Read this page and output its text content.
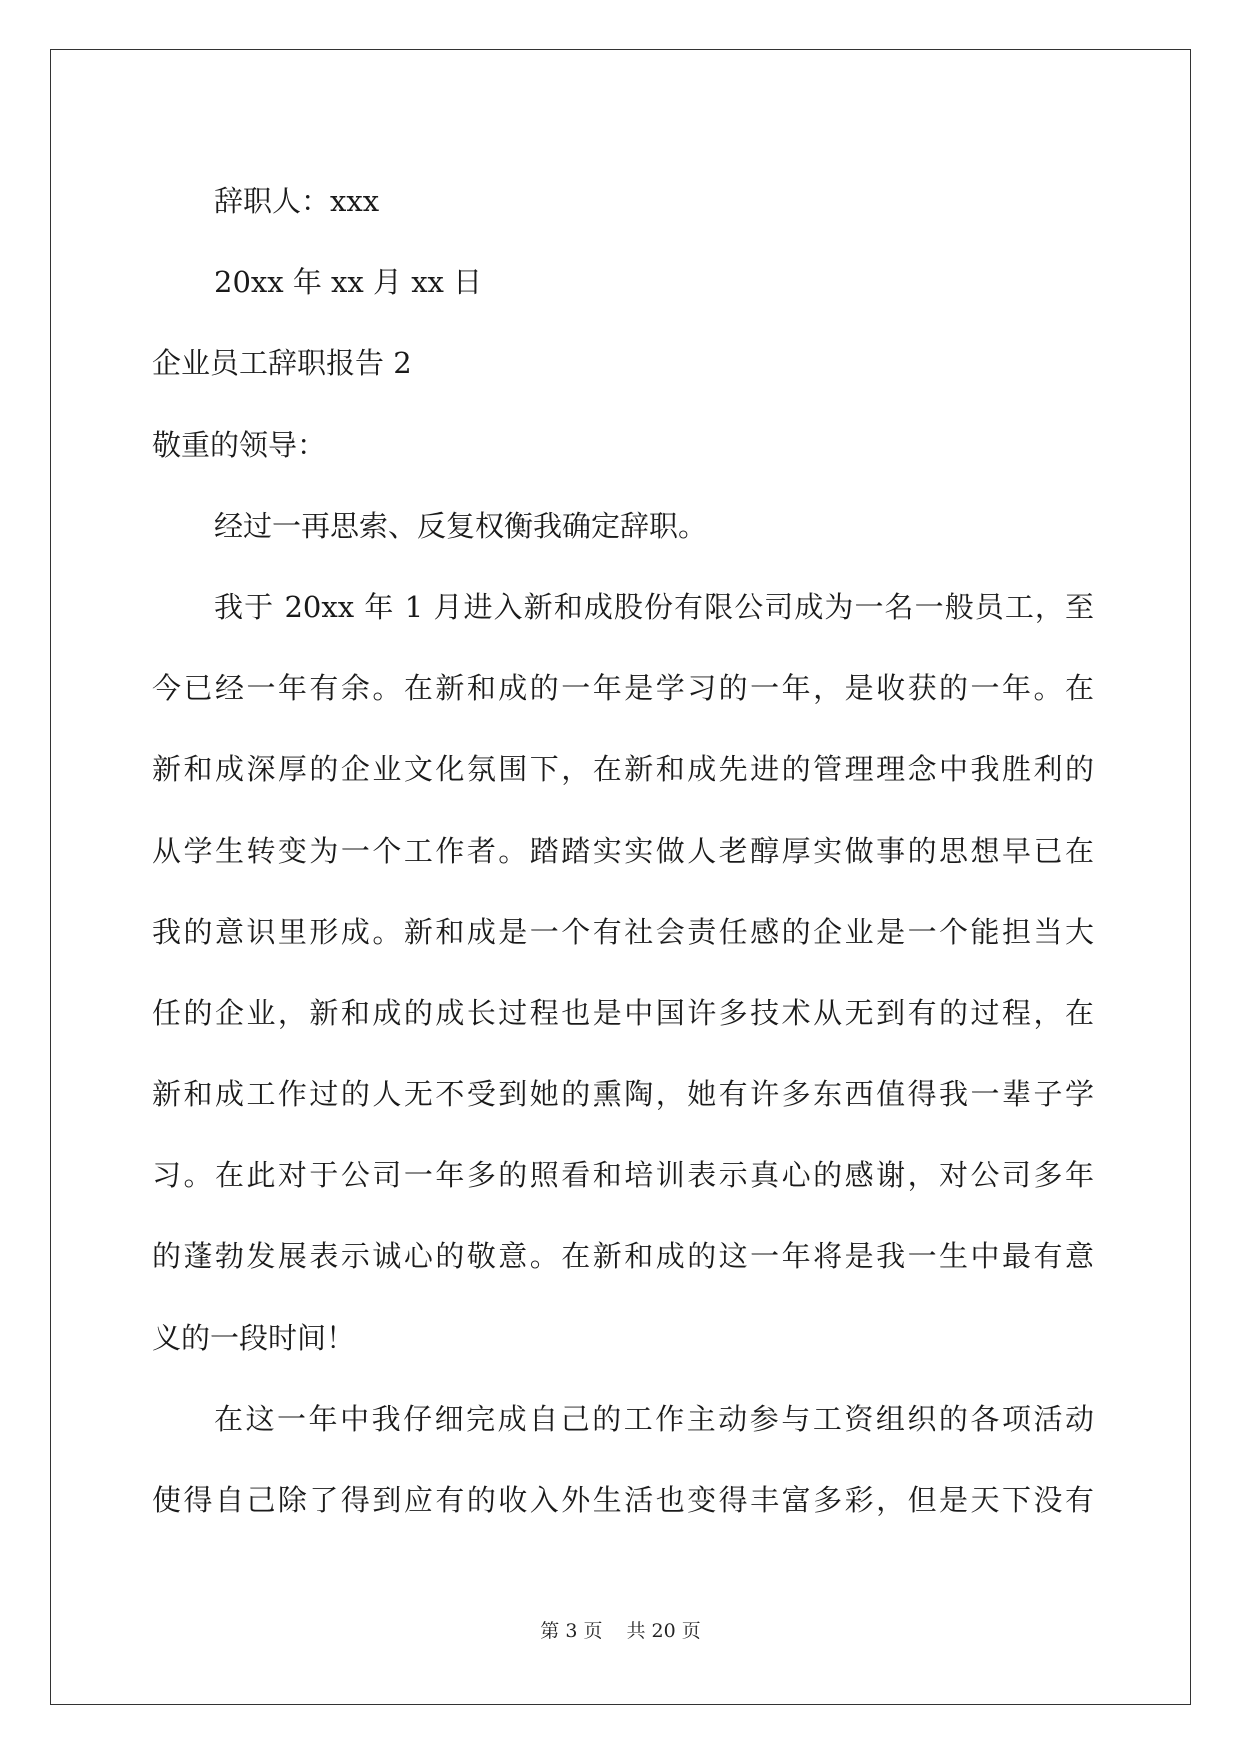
辞职人：xxx
20xx 年 xx 月 xx 日
企业员工辞职报告 2
敬重的领导：
经过一再思索、反复权衡我确定辞职。
我于 20xx 年 1 月进入新和成股份有限公司成为一名一般员工，至
今已经一年有余。在新和成的一年是学习的一年，是收获的一年。在
新和成深厚的企业文化氛围下，在新和成先进的管理理念中我胜利的
从学生转变为一个工作者。踏踏实实做人老醇厚实做事的思想早已在
我的意识里形成。新和成是一个有社会责任感的企业是一个能担当大
任的企业，新和成的成长过程也是中国许多技术从无到有的过程，在
新和成工作过的人无不受到她的熏陶，她有许多东西值得我一辈子学
习。在此对于公司一年多的照看和培训表示真心的感谢，对公司多年
的蓬勃发展表示诚心的敬意。在新和成的这一年将是我一生中最有意
义的一段时间！
在这一年中我仔细完成自己的工作主动参与工资组织的各项活动
使得自己除了得到应有的收入外生活也变得丰富多彩，但是天下没有
第 3 页 共 20 页
